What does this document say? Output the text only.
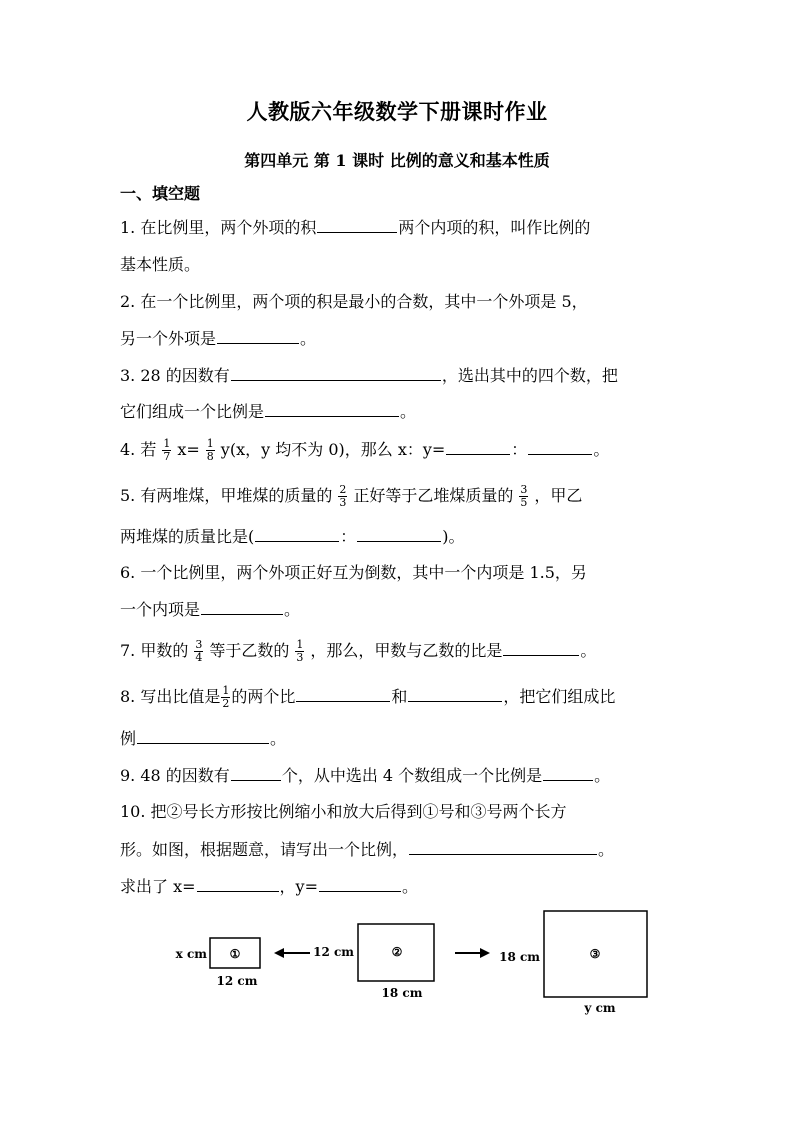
人教版六年级数学下册课时作业
第四单元 第 1 课时 比例的意义和基本性质
一、填空题
1. 在比例里，两个外项的积	两个内项的积，叫作比例的
基本性质。
2. 在一个比例里，两个项的积是最小的合数，其中一个外项是 5，
另一个外项是	。
3. 28 的因数有	，选出其中的四个数，把
它们组成一个比例是	。
4. 若 $\frac{1}{7} x= \frac{1}{8} y(x$，y 均不为 0)，那么 x：y=	：	。
5. 有两堆煤，甲堆煤的质量的 $\frac{2}{3}$ 正好等于乙堆煤质量的 $\frac{3}{5}$ ，甲乙
两堆煤的质量比是(	：	)。
6. 一个比例里，两个外项正好互为倒数，其中一个内项是 1.5，另
一个内项是	。
7. 甲数的 $\frac{3}{4}$ 等于乙数的 $\frac{1}{3}$ ，那么，甲数与乙数的比是	。
8. 写出比值是 $\frac{1}{2}$ 的两个比	和	，把它们组成比
例	。
9. 48 的因数有	个，从中选出 4 个数组成一个比例是	。
10. 把②号长方形按比例缩小和放大后得到①号和③号两个长方
形。如图，根据题意，请写出一个比例，	。
求出了 x=	，y=	。
①
x cm
12 cm
②
12 cm
18 cm
③
18 cm
y cm
